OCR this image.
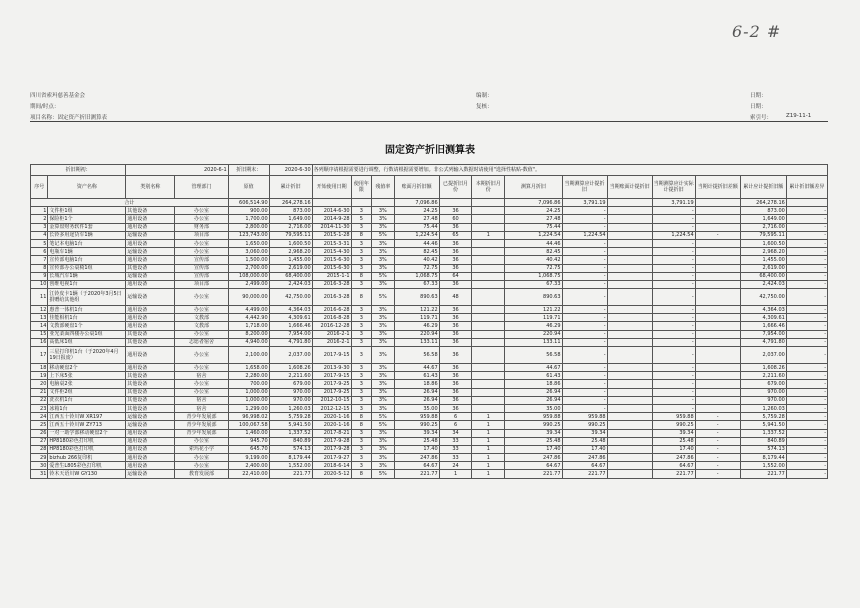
6-2 #
四川省索玛慈善基金会
期间/时点：
项目名称：固定资产折旧测算表
编制：
复核：
日期：
日期：
索引号：	Z19-11-1
固定资产折旧测算表
折旧期初：		2020-6-1		折旧期末：	2020-6-30	各列顺序请根据需要进行调整，行数请根据需要增加。非公式列输入数据时请使用"选择性粘贴-数值"。												
序号	资产名称	类别名称	管理部门	原值	累计折旧	开始使用日期	使用年限	残值率	账面月折旧额	已提折旧月份	本期折旧月份	测算月折旧	当期测算应计提折旧	当期账面计提折旧	当期测算应计实际计提折旧	当期计提折旧差额	累计应计提折旧额	累计折旧额差异
合计				606,514.90	264,278.16				7,096.86			7,096.86	3,791.19		3,791.19		264,278.16	
1	文件柜1组	其他设备	办公室	900.00	873.00	2014-6-30	3	3%	24.25	36		24.25	-		-		873.00	-
2	保险柜1个	通用设备	办公室	1,700.00	1,649.00	2014-9-28	5	3%	27.48	60		27.48	-		-		1,649.00	-
3	金算盘财务软件1套	通用设备	财务部	2,800.00	2,716.00	2014-11-30	3	3%	75.44	36		75.44	-		-		2,716.00	-
4	长铃多用途货车1辆	运输设备	项目部	123,743.00	79,595.11	2015-1-28	8	5%	1,224.54	65	1	1,224.54	1,224.54		1,224.54	-	79,595.11	-
5	笔记本电脑1台	通用设备	办公室	1,650.00	1,600.50	2015-3-31	3	3%	44.46	36		44.46	-		-		1,600.50	-
6	电瓶车1辆	运输设备	办公室	3,060.00	2,968.20	2015-4-30	3	3%	82.45	36		82.45	-		-		2,968.20	-
7	宣传部电脑1台	通用设备	宣传部	1,500.00	1,455.00	2015-6-30	3	3%	40.42	36		40.42	-		-		1,455.00	-
8	宣传部办公桌椅1组	其他设备	宣传部	2,700.00	2,619.00	2015-6-30	3	3%	72.75	36		72.75	-		-		2,619.00	-
9	长城汽车1辆	运输设备	宣传部	108,000.00	68,400.00	2015-1-1	8	5%	1,068.75	64		1,068.75	-		-		68,400.00	-
10	创维电视1台	通用设备	项目部	2,499.00	2,424.03	2016-3-28	3	3%	67.33	36		67.33	-		-		2,424.03	-
11	江铃皮卡1辆（于2020年3月5日捐赠给其他组	运输设备	办公室	90,000.00	42,750.00	2016-3-28	8	5%	890.63	48		890.63	-		-		42,750.00	-
12	惠普一体机1台	通用设备	办公室	4,499.00	4,364.03	2016-6-28	3	3%	121.22	36		121.22	-		-		4,364.03	-
13	佳能相机1台	通用设备	文教部	4,442.90	4,309.61	2016-8-28	3	3%	119.71	36		119.71	-		-		4,309.61	-
14	文教部硬盘1个	通用设备	文教部	1,718.00	1,666.46	2016-12-28	3	3%	46.29	36		46.29	-		-		1,666.46	-
15	亚光柔面四楼办公桌1组	其他设备	办公室	8,200.00	7,954.00	2016-2-1	3	3%	220.94	36		220.94	-		-		7,954.00	-
16	高低床1组	其他设备	志愿者宿舍	4,940.00	4,791.80	2016-2-1	3	3%	133.11	36		133.11	-		-		4,791.80	-
17	三星打印机1台（于2020年4月19日报废）	通用设备	办公室	2,100.00	2,037.00	2017-9-15	3	3%	56.58	36		56.58	-		-		2,037.00	-
18	移动硬盘2个	通用设备	办公室	1,658.00	1,608.26	2013-9-30	3	3%	44.67	36		44.67	-		-		1,608.26	-
19	上下床5张	其他设备	宿舍	2,280.00	2,211.60	2017-9-15	3	3%	61.43	36		61.43	-		-		2,211.60	-
20	电脑桌2张	其他设备	办公室	700.00	679.00	2017-9-25	3	3%	18.86	36		18.86	-		-		679.00	-
21	文件柜2组	其他设备	办公室	1,000.00	970.00	2017-9-25	3	3%	26.94	36		26.94	-		-		970.00	-
22	洗衣机1台	其他设备	宿舍	1,000.00	970.00	2012-10-15	3	3%	26.94	36		26.94	-		-		970.00	-
23	冰箱1台	其他设备	宿舍	1,299.00	1,260.03	2012-12-15	3	3%	35.00	36		35.00	-		-		1,260.03	-
24	江西五十铃川W XR197	运输设备	青少年发展部	96,998.02	5,759.28	2020-1-16	8	5%	959.88	6	1	959.88	959.88		959.88	-	5,759.28	-
25	江西五十铃川W ZY713	运输设备	青少年发展部	100,067.58	5,941.50	2020-1-16	8	5%	990.25	6	1	990.25	990.25		990.25	-	5,941.50	-
26	一对一助学部移动硬盘2个	通用设备	青少年发展部	1,460.00	1,337.52	2017-8-21	3	3%	39.34	34	1	39.34	39.34		39.34	-	1,337.52	-
27	HP8180彩色打印机	通用设备	办公室	945.70	840.89	2017-9-28	3	3%	25.48	33	1	25.48	25.48		25.48	-	840.89	-
28	HP8180彩色打印机	通用设备	索玛花小学	645.70	574.13	2017-9-28	3	3%	17.40	33	1	17.40	17.40		17.40	-	574.13	-
29	bizhub 266复印机	通用设备	办公室	9,199.00	8,179.44	2017-9-27	3	3%	247.86	33	1	247.86	247.86		247.86	-	8,179.44	-
30	爱普生L805彩色打印机	通用设备	办公室	2,400.00	1,552.00	2018-6-14	3	3%	64.67	24	1	64.67	64.67		64.67	-	1,552.00	-
31	铃木天语川W GY130	运输设备	教育发展部	22,410.00	221.77	2020-5-12	8	5%	221.77	1	1	221.77	221.77		221.77	-	221.77	-
